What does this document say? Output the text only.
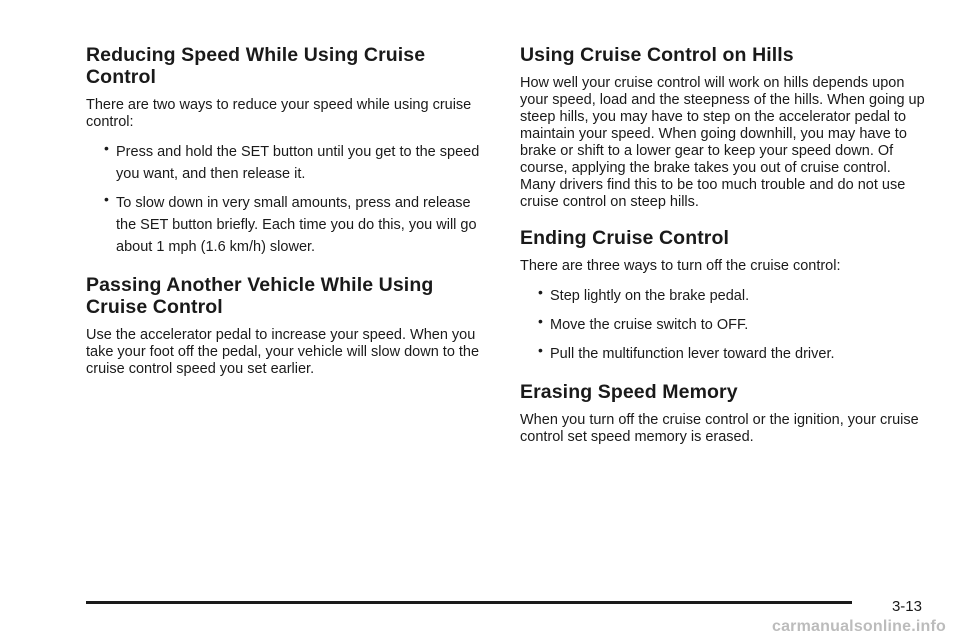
Reducing Speed While Using Cruise Control

There are two ways to reduce your speed while using cruise control:

• Press and hold the SET button until you get to the speed you want, and then release it.
• To slow down in very small amounts, press and release the SET button briefly. Each time you do this, you will go about 1 mph (1.6 km/h) slower.
Passing Another Vehicle While Using Cruise Control

Use the accelerator pedal to increase your speed. When you take your foot off the pedal, your vehicle will slow down to the cruise control speed you set earlier.

Using Cruise Control on Hills

How well your cruise control will work on hills depends upon your speed, load and the steepness of the hills. When going up steep hills, you may have to step on the accelerator pedal to maintain your speed. When going downhill, you may have to brake or shift to a lower gear to keep your speed down. Of course, applying the brake takes you out of cruise control. Many drivers find this to be too much trouble and do not use cruise control on steep hills.

Ending Cruise Control

There are three ways to turn off the cruise control:

• Step lightly on the brake pedal.
• Move the cruise switch to OFF.
• Pull the multifunction lever toward the driver.
Erasing Speed Memory

When you turn off the cruise control or the ignition, your cruise control set speed memory is erased.

3-13
carmanualsonline.info
